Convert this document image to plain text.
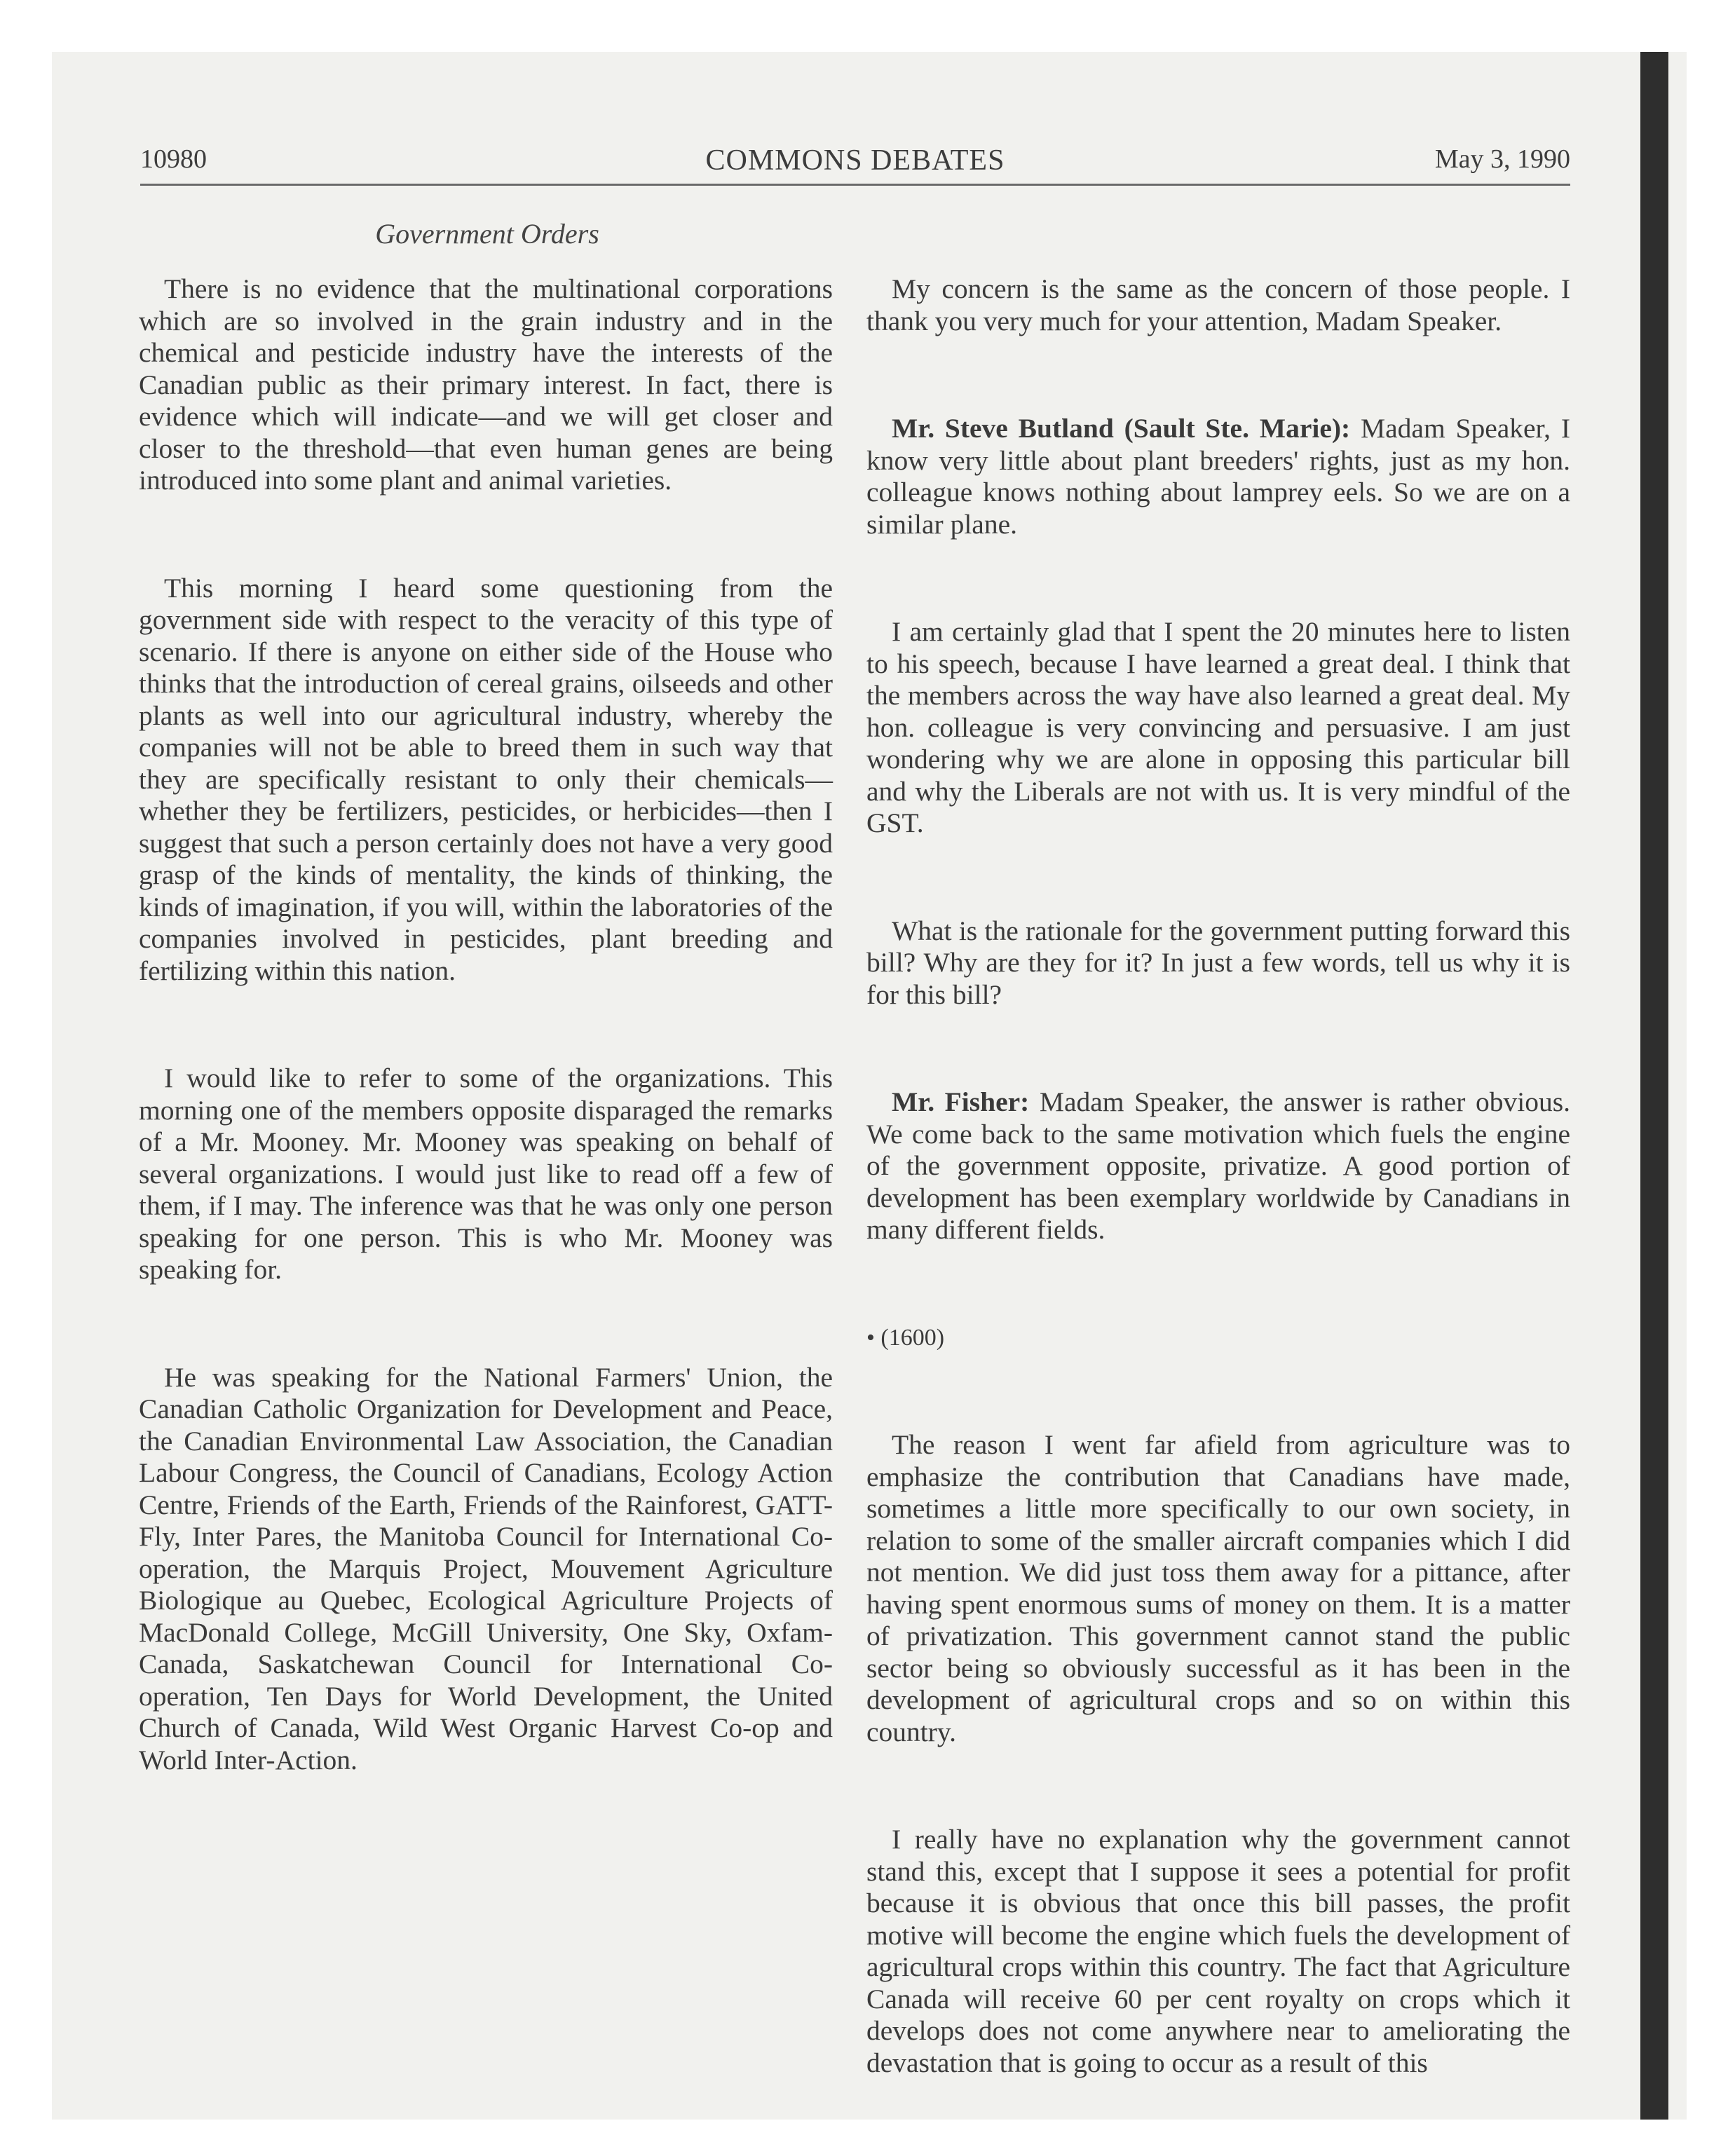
10980	COMMONS DEBATES	May 3, 1990
Government Orders

There is no evidence that the multinational corporations which are so involved in the grain industry and in the chemical and pesticide industry have the interests of the Canadian public as their primary interest. In fact, there is evidence which will indicate—and we will get closer and closer to the threshold—that even human genes are being introduced into some plant and animal varieties.

This morning I heard some questioning from the government side with respect to the veracity of this type of scenario. If there is anyone on either side of the House who thinks that the introduction of cereal grains, oilseeds and other plants as well into our agricultural industry, whereby the companies will not be able to breed them in such way that they are specifically resistant to only their chemicals—whether they be fertilizers, pesticides, or herbicides—then I suggest that such a person certainly does not have a very good grasp of the kinds of mentality, the kinds of thinking, the kinds of imagination, if you will, within the laboratories of the companies involved in pesticides, plant breeding and fertilizing within this nation.

I would like to refer to some of the organizations. This morning one of the members opposite disparaged the remarks of a Mr. Mooney. Mr. Mooney was speaking on behalf of several organizations. I would just like to read off a few of them, if I may. The inference was that he was only one person speaking for one person. This is who Mr. Mooney was speaking for.

He was speaking for the National Farmers' Union, the Canadian Catholic Organization for Development and Peace, the Canadian Environmental Law Association, the Canadian Labour Congress, the Council of Canadians, Ecology Action Centre, Friends of the Earth, Friends of the Rainforest, GATT-Fly, Inter Pares, the Manitoba Council for International Co-operation, the Marquis Project, Mouvement Agriculture Biologique au Quebec, Ecological Agriculture Projects of MacDonald College, McGill University, One Sky, Oxfam-Canada, Saskatchewan Council for International Co-operation, Ten Days for World Development, the United Church of Canada, Wild West Organic Harvest Co-op and World Inter-Action.

My concern is the same as the concern of those people. I thank you very much for your attention, Madam Speaker.

Mr. Steve Butland (Sault Ste. Marie): Madam Speaker, I know very little about plant breeders' rights, just as my hon. colleague knows nothing about lamprey eels. So we are on a similar plane.

I am certainly glad that I spent the 20 minutes here to listen to his speech, because I have learned a great deal. I think that the members across the way have also learned a great deal. My hon. colleague is very convincing and persuasive. I am just wondering why we are alone in opposing this particular bill and why the Liberals are not with us. It is very mindful of the GST.

What is the rationale for the government putting forward this bill? Why are they for it? In just a few words, tell us why it is for this bill?

Mr. Fisher: Madam Speaker, the answer is rather obvious. We come back to the same motivation which fuels the engine of the government opposite, privatize. A good portion of development has been exemplary worldwide by Canadians in many different fields.

• (1600)

The reason I went far afield from agriculture was to emphasize the contribution that Canadians have made, sometimes a little more specifically to our own society, in relation to some of the smaller aircraft companies which I did not mention. We did just toss them away for a pittance, after having spent enormous sums of money on them. It is a matter of privatization. This government cannot stand the public sector being so obviously successful as it has been in the development of agricultural crops and so on within this country.

I really have no explanation why the government cannot stand this, except that I suppose it sees a potential for profit because it is obvious that once this bill passes, the profit motive will become the engine which fuels the development of agricultural crops within this country. The fact that Agriculture Canada will receive 60 per cent royalty on crops which it develops does not come anywhere near to ameliorating the devastation that is going to occur as a result of this
